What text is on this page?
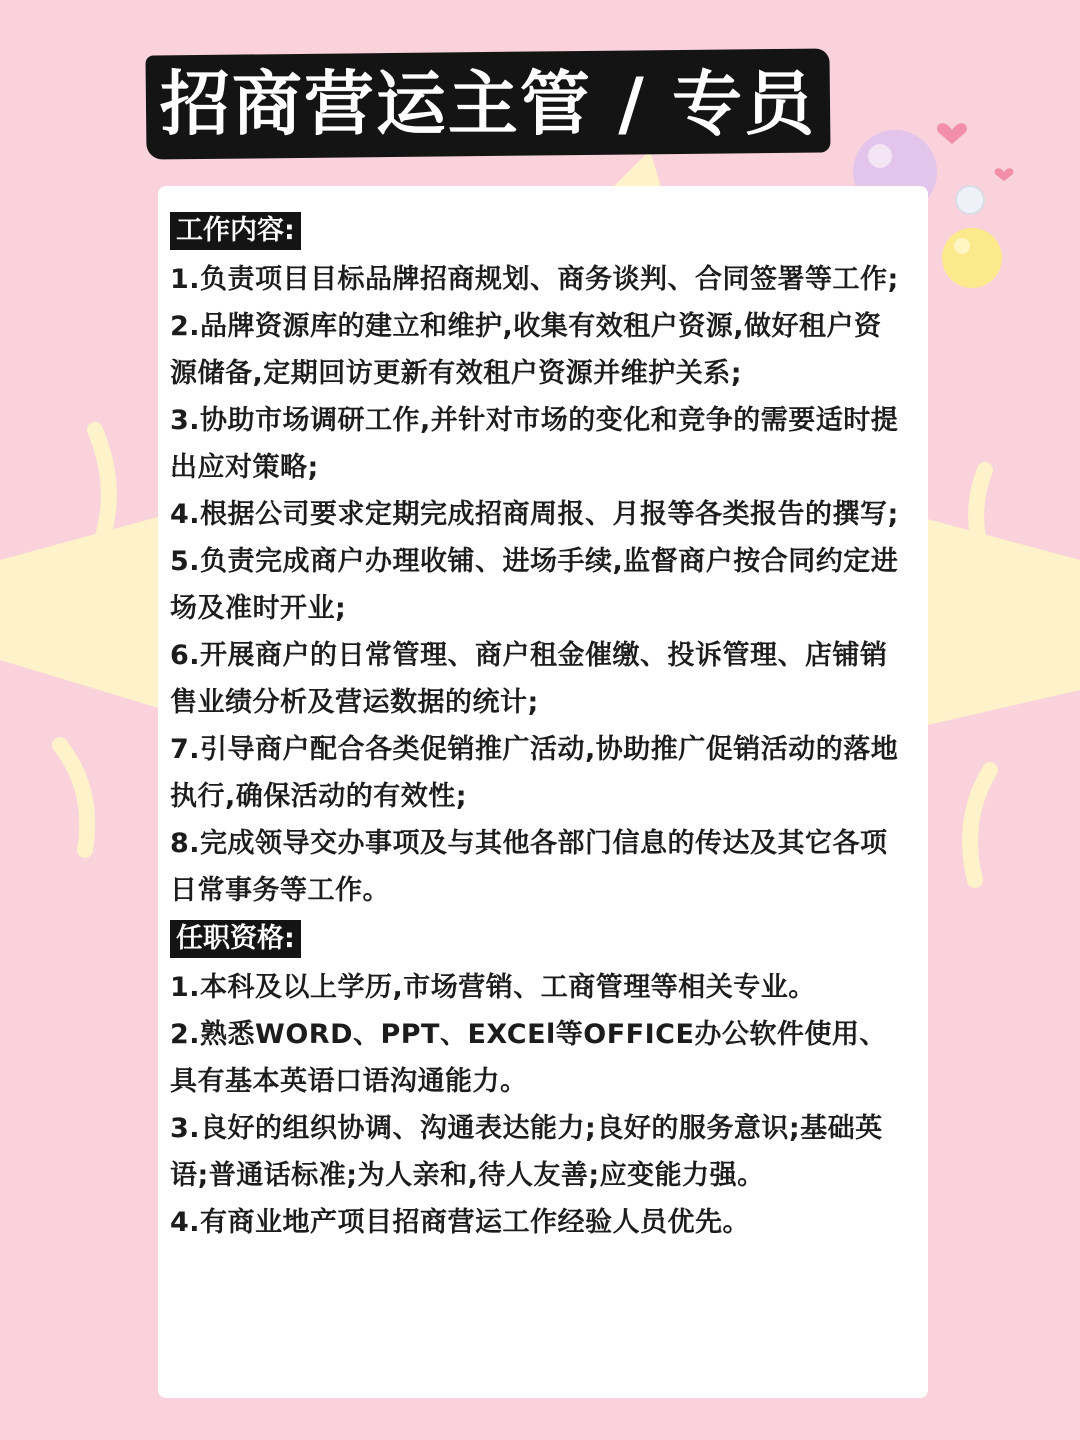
招商营运主管 / 专员
工作内容:
1.负责项目目标品牌招商规划、商务谈判、合同签署等工作;
2.品牌资源库的建立和维护,收集有效租户资源,做好租户资源储备,定期回访更新有效租户资源并维护关系;
3.协助市场调研工作,并针对市场的变化和竞争的需要适时提出应对策略;
4.根据公司要求定期完成招商周报、月报等各类报告的撰写;
5.负责完成商户办理收铺、进场手续,监督商户按合同约定进场及准时开业;
6.开展商户的日常管理、商户租金催缴、投诉管理、店铺销售业绩分析及营运数据的统计;
7.引导商户配合各类促销推广活动,协助推广促销活动的落地执行,确保活动的有效性;
8.完成领导交办事项及与其他各部门信息的传达及其它各项日常事务等工作。
任职资格:
1.本科及以上学历,市场营销、工商管理等相关专业。
2.熟悉WORD、PPT、EXCEl等OFFICE办公软件使用、具有基本英语口语沟通能力。
3.良好的组织协调、沟通表达能力;良好的服务意识;基础英语;普通话标准;为人亲和,待人友善;应变能力强。
4.有商业地产项目招商营运工作经验人员优先。
